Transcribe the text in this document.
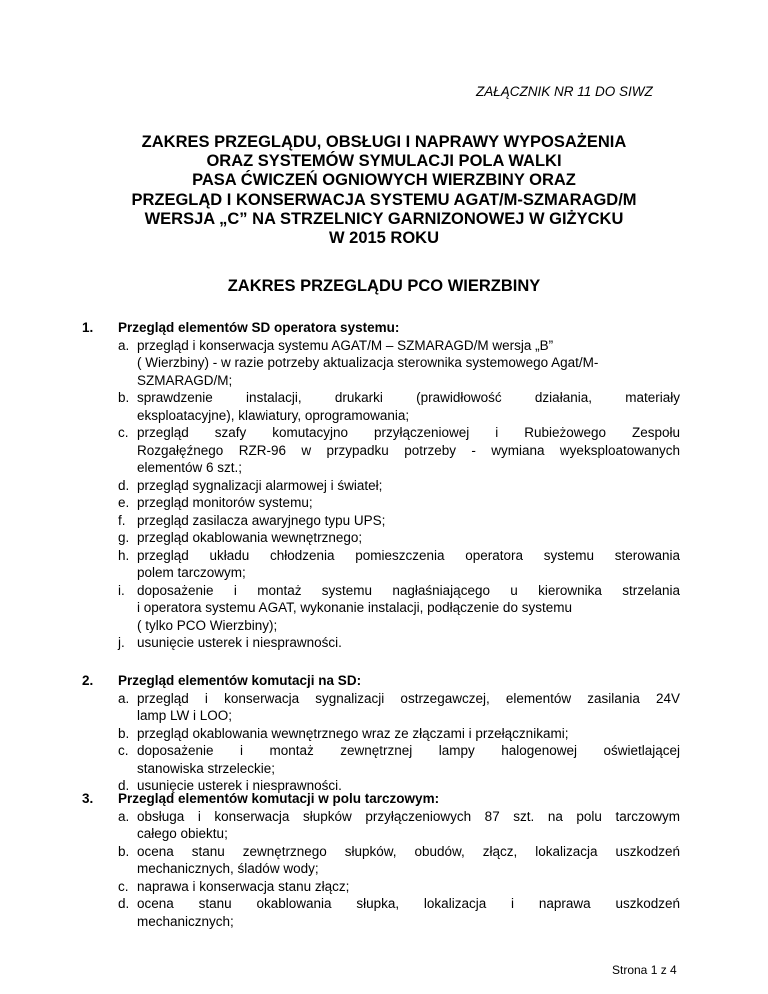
ZAŁĄCZNIK NR 11 DO SIWZ
ZAKRES PRZEGLĄDU, OBSŁUGI I NAPRAWY WYPOSAŻENIA
ORAZ SYSTEMÓW SYMULACJI POLA WALKI
PASA ĆWICZEŃ OGNIOWYCH WIERZBINY ORAZ
PRZEGLĄD I KONSERWACJA SYSTEMU AGAT/M-SZMARAGD/M
WERSJA „C” NA STRZELNICY GARNIZONOWEJ W GIŻYCKU
W 2015 ROKU
ZAKRES PRZEGLĄDU PCO WIERZBINY
1. Przegląd elementów SD operatora systemu:
a. przegląd i konserwacja systemu AGAT/M – SZMARAGD/M wersja „B”
( Wierzbiny) - w razie potrzeby aktualizacja sterownika systemowego Agat/M-
SZMARAGD/M;
b. sprawdzenie instalacji, drukarki (prawidłowość działania, materiały
eksploatacyjne), klawiatury, oprogramowania;
c. przegląd szafy komutacyjno przyłączeniowej i Rubieżowego Zespołu
Rozgałęźnego RZR-96 w przypadku potrzeby - wymiana wyeksploatowanych
elementów 6 szt.;
d. przegląd sygnalizacji alarmowej i świateł;
e. przegląd monitorów systemu;
f. przegląd zasilacza awaryjnego typu UPS;
g. przegląd okablowania wewnętrznego;
h. przegląd układu chłodzenia pomieszczenia operatora systemu sterowania
polem tarczowym;
i. doposażenie i montaż systemu nagłaśniającego u kierownika strzelania
i operatora systemu AGAT, wykonanie instalacji, podłączenie do systemu
( tylko PCO Wierzbiny);
j. usunięcie usterek i niesprawności.
2. Przegląd elementów komutacji na SD:
a. przegląd i konserwacja sygnalizacji ostrzegawczej, elementów zasilania 24V
lamp LW i LOO;
b. przegląd okablowania wewnętrznego wraz ze złączami i przełącznikami;
c. doposażenie i montaż zewnętrznej lampy halogenowej oświetlającej
stanowiska strzeleckie;
d. usunięcie usterek i niesprawności.
3. Przegląd elementów komutacji w polu tarczowym:
a. obsługa i konserwacja słupków przyłączeniowych 87 szt. na polu tarczowym
całego obiektu;
b. ocena stanu zewnętrznego słupków, obudów, złącz, lokalizacja uszkodzeń
mechanicznych, śladów wody;
c. naprawa i konserwacja stanu złącz;
d. ocena stanu okablowania słupka, lokalizacja i naprawa uszkodzeń
mechanicznych;
Strona 1 z 4
